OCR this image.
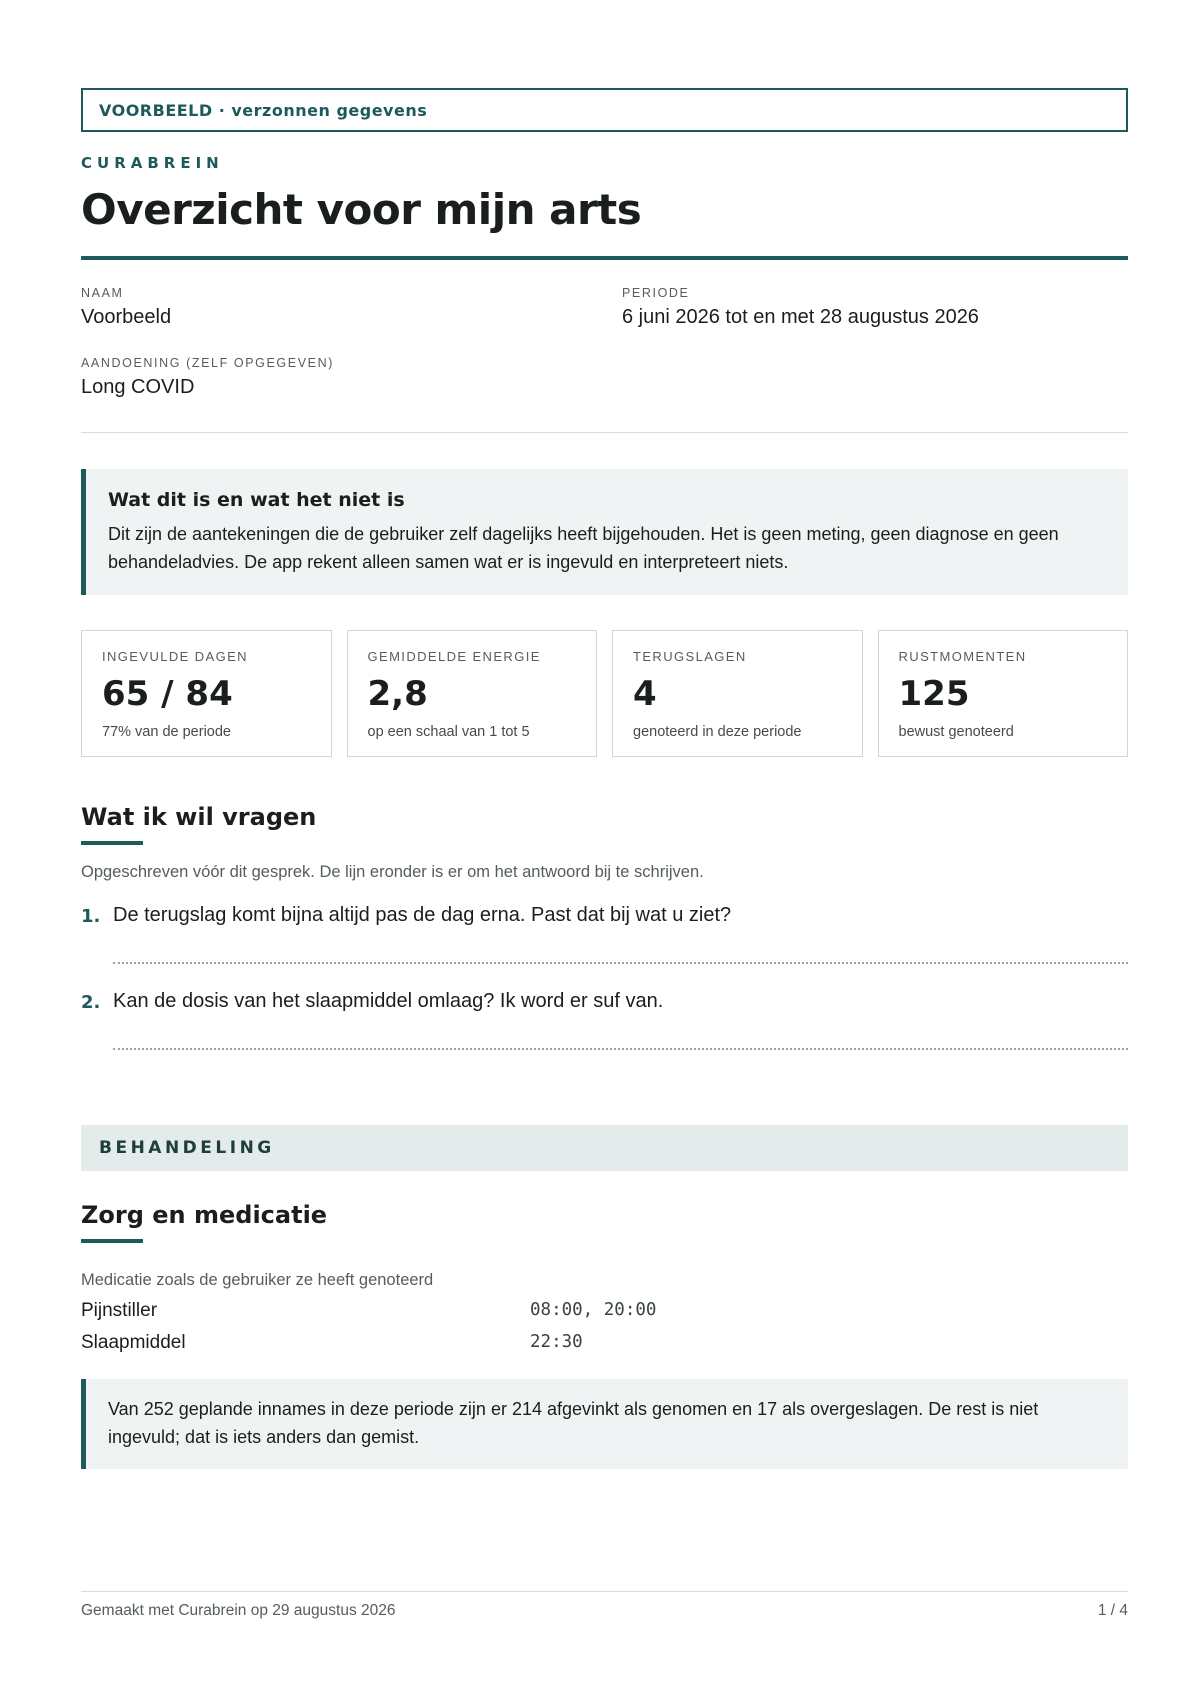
VOORBEELD · verzonnen gegevens
CURABREIN
Overzicht voor mijn arts
NAAM
Voorbeeld
PERIODE
6 juni 2026 tot en met 28 augustus 2026
AANDOENING (ZELF OPGEGEVEN)
Long COVID
Wat dit is en wat het niet is

Dit zijn de aantekeningen die de gebruiker zelf dagelijks heeft bijgehouden. Het is geen meting, geen diagnose en geen behandeladvies. De app rekent alleen samen wat er is ingevuld en interpreteert niets.

INGEVULDE DAGEN
65 / 84
77% van de periode
GEMIDDELDE ENERGIE
2,8
op een schaal van 1 tot 5
TERUGSLAGEN
4
genoteerd in deze periode
RUSTMOMENTEN
125
bewust genoteerd
Wat ik wil vragen

Opgeschreven vóór dit gesprek. De lijn eronder is er om het antwoord bij te schrijven.

1. De terugslag komt bijna altijd pas de dag erna. Past dat bij wat u ziet?
2. Kan de dosis van het slaapmiddel omlaag? Ik word er suf van.
BEHANDELING
Zorg en medicatie

Medicatie zoals de gebruiker ze heeft genoteerd

Pijnstiller	08:00, 20:00
Slaapmiddel	22:30

Van 252 geplande innames in deze periode zijn er 214 afgevinkt als genomen en 17 als overgeslagen. De rest is niet ingevuld; dat is iets anders dan gemist.

Gemaakt met Curabrein op 29 augustus 2026	1 / 4
